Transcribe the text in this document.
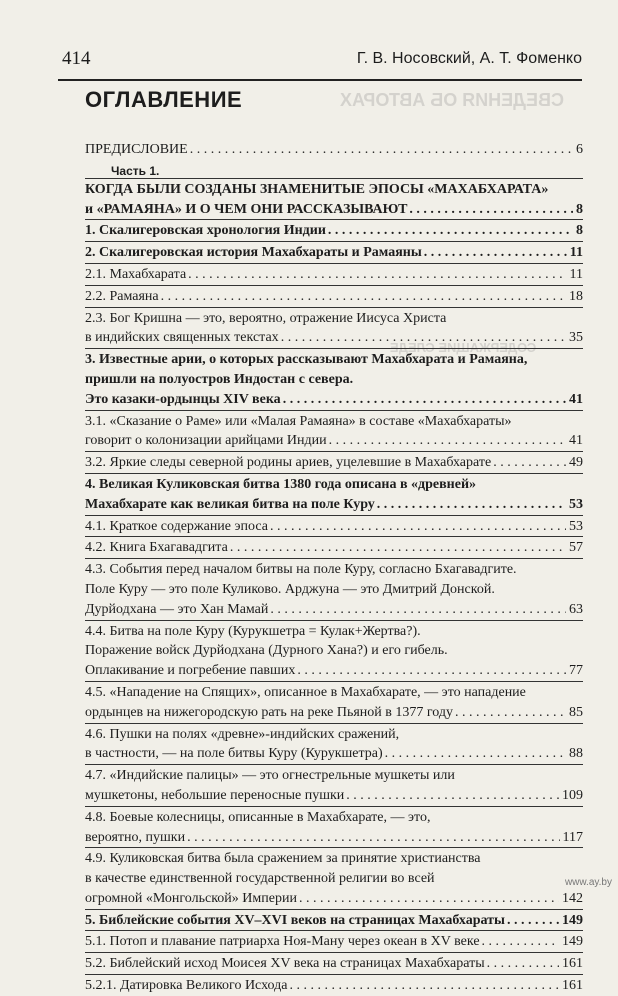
СВЕДЕНИЯ ОБ АВТОРАХ
СОДЕРЖАЩИЕ СЛЕДЕ
414	Г. В. Носовский, А. Т. Фоменко
ОГЛАВЛЕНИЕ
ПРЕДИСЛОВИЕ . . .	6
Часть 1.
КОГДА БЫЛИ СОЗДАНЫ ЗНАМЕНИТЫЕ ЭПОСЫ «МАХАБХАРАТА»
и «РАМАЯНА» И О ЧЕМ ОНИ РАССКАЗЫВАЮТ . . .	8
1. Скалигеровская хронология Индии . . .	8
2. Скалигеровская история Махабхараты и Рамаяны . . .	11
2.1. Махабхарата . . .	11
2.2. Рамаяна . . .	18
2.3. Бог Кришна — это, вероятно, отражение Иисуса Христа
в индийских священных текстах . . .	35
3. Известные арии, о которых рассказывают Махабхарата и Рамаяна,
пришли на полуостров Индостан с севера.
Это казаки-ордынцы XIV века . . .	41
3.1. «Сказание о Раме» или «Малая Рамаяна» в составе «Махабхараты»
говорит о колонизации арийцами Индии . . .	41
3.2. Яркие следы северной родины ариев, уцелевшие в Махабхарате . . .	49
4. Великая Куликовская битва 1380 года описана в «древней»
Махабхарате как великая битва на поле Куру . . .	53
4.1. Краткое содержание эпоса . . .	53
4.2. Книга Бхагавадгита . . .	57
4.3. События перед началом битвы на поле Куру, согласно Бхагавадгите.
Поле Куру — это поле Куликово. Арджуна — это Дмитрий Донской.
Дурйодхана — это Хан Мамай . . .	63
4.4. Битва на поле Куру (Курукшетра = Кулак+Жертва?).
Поражение войск Дурйодхана (Дурного Хана?) и его гибель.
Оплакивание и погребение павших . . .	77
4.5. «Нападение на Спящих», описанное в Махабхарате, — это нападение
ордынцев на нижегородскую рать на реке Пьяной в 1377 году . . .	85
4.6. Пушки на полях «древне»-индийских сражений,
в частности, — на поле битвы Куру (Курукшетра) . . .	88
4.7. «Индийские палицы» — это огнестрельные мушкеты или
мушкетоны, небольшие переносные пушки . . .	109
4.8. Боевые колесницы, описанные в Махабхарате, — это,
вероятно, пушки . . .	117
4.9. Куликовская битва была сражением за принятие христианства
в качестве единственной государственной религии во всей
огромной «Монгольской» Империи . . .	142
5. Библейские события XV–XVI веков на страницах Махабхараты . . .	149
5.1. Потоп и плавание патриарха Ноя-Ману через океан в XV веке . . .	149
5.2. Библейский исход Моисея XV века на страницах Махабхараты . . .	161
5.2.1. Датировка Великого Исхода . . .	161
www.ay.by
